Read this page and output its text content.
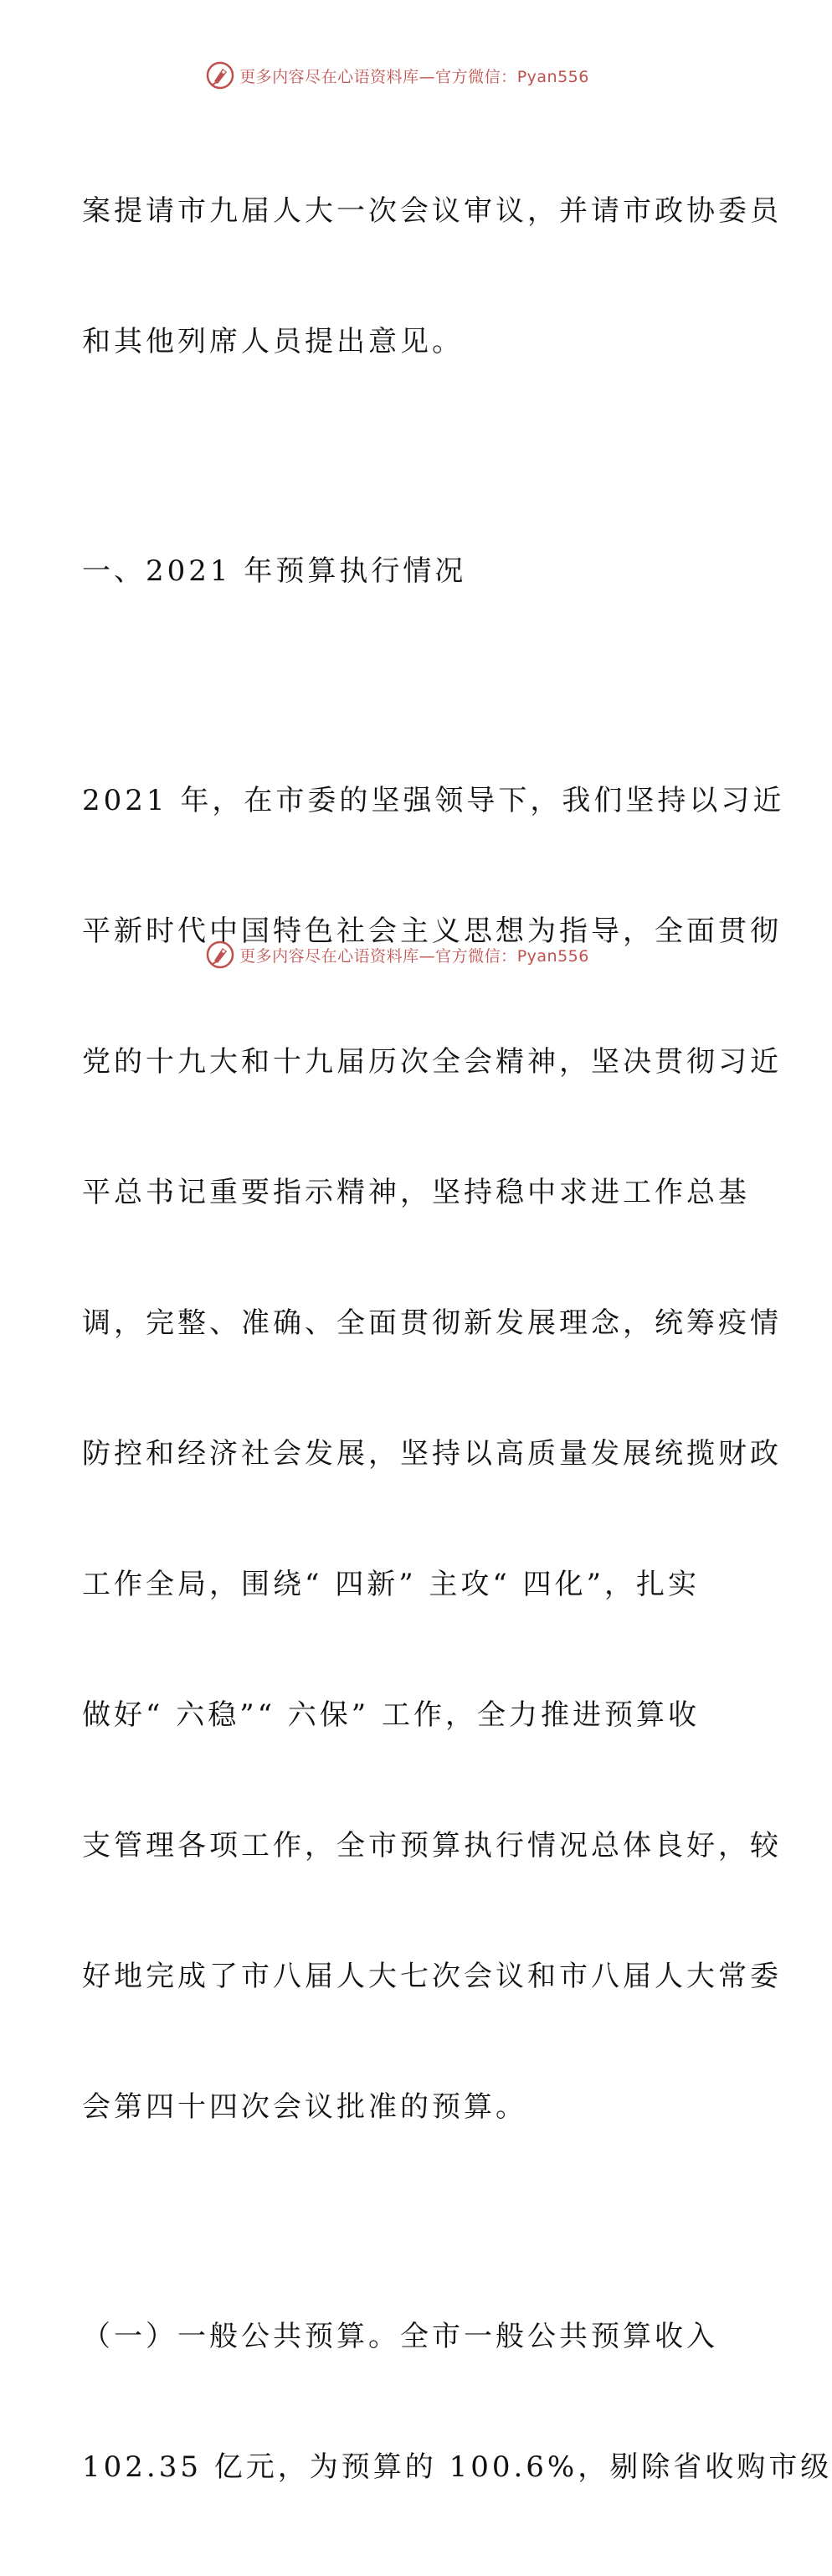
更多内容尽在心语资料库—官方微信：Pyan556

案提请市九届人大一次会议审议，并请市政协委员

和其他列席人员提出意见。

一、2021 年预算执行情况

2021 年，在市委的坚强领导下，我们坚持以习近

平新时代中国特色社会主义思想为指导，全面贯彻

党的十九大和十九届历次全会精神，坚决贯彻习近

平总书记重要指示精神，坚持稳中求进工作总基

调，完整、准确、全面贯彻新发展理念，统筹疫情

防控和经济社会发展，坚持以高质量发展统揽财政

工作全局，围绕“ 四新” 主攻“ 四化”，扎实

做好“ 六稳”“ 六保” 工作，全力推进预算收

支管理各项工作，全市预算执行情况总体良好，较

好地完成了市八届人大七次会议和市八届人大常委

会第四十四次会议批准的预算。

（一）一般公共预算。全市一般公共预算收入

102.35 亿元，为预算的 100.6%，剔除省收购市级

更多内容尽在心语资料库—官方微信：Pyan556
